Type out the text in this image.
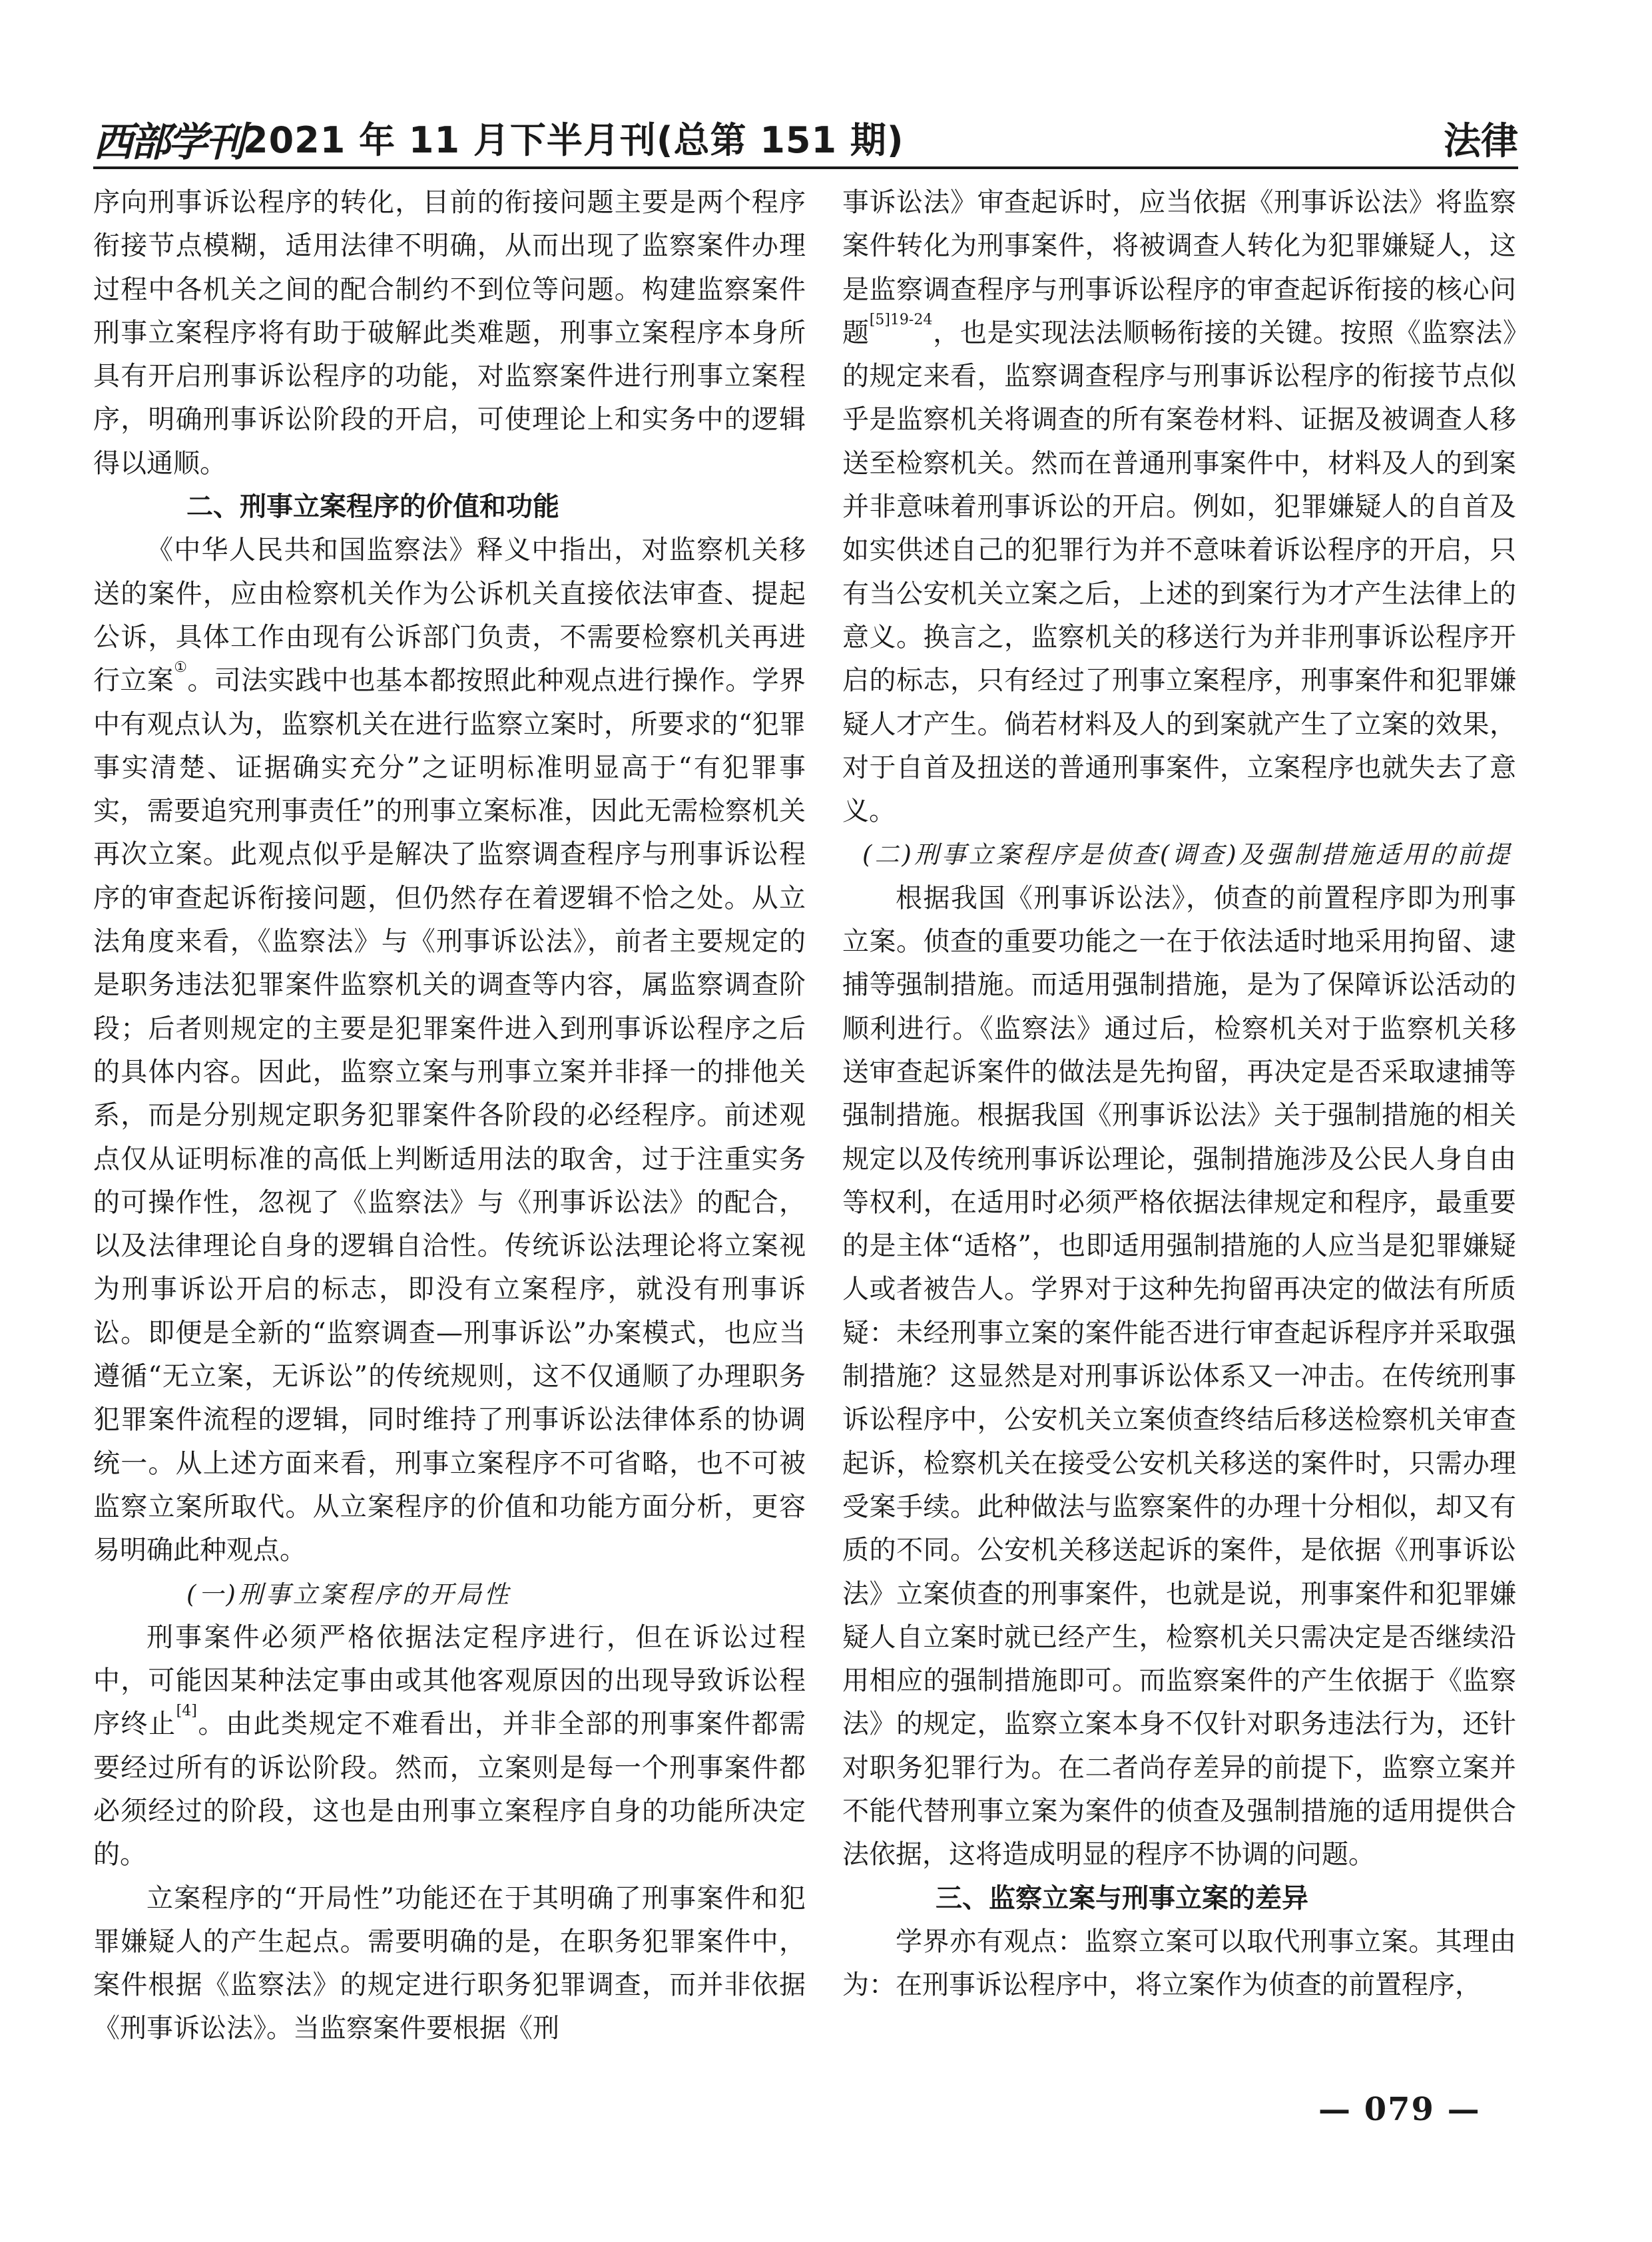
西部学刊 2021 年 11 月下半月刊(总第 151 期)	法律

序向刑事诉讼程序的转化，目前的衔接问题主要是两个程序衔接节点模糊，适用法律不明确，从而出现了监察案件办理过程中各机关之间的配合制约不到位等问题。构建监察案件刑事立案程序将有助于破解此类难题，刑事立案程序本身所具有开启刑事诉讼程序的功能，对监察案件进行刑事立案程序，明确刑事诉讼阶段的开启，可使理论上和实务中的逻辑得以通顺。

二、刑事立案程序的价值和功能

《中华人民共和国监察法》释义中指出，对监察机关移送的案件，应由检察机关作为公诉机关直接依法审查、提起公诉，具体工作由现有公诉部门负责，不需要检察机关再进行立案①。司法实践中也基本都按照此种观点进行操作。学界中有观点认为，监察机关在进行监察立案时，所要求的“犯罪事实清楚、证据确实充分”之证明标准明显高于“有犯罪事实，需要追究刑事责任”的刑事立案标准，因此无需检察机关再次立案。此观点似乎是解决了监察调查程序与刑事诉讼程序的审查起诉衔接问题，但仍然存在着逻辑不恰之处。从立法角度来看，《监察法》与《刑事诉讼法》，前者主要规定的是职务违法犯罪案件监察机关的调查等内容，属监察调查阶段；后者则规定的主要是犯罪案件进入到刑事诉讼程序之后的具体内容。因此，监察立案与刑事立案并非择一的排他关系，而是分别规定职务犯罪案件各阶段的必经程序。前述观点仅从证明标准的高低上判断适用法的取舍，过于注重实务的可操作性，忽视了《监察法》与《刑事诉讼法》的配合，以及法律理论自身的逻辑自洽性。传统诉讼法理论将立案视为刑事诉讼开启的标志，即没有立案程序，就没有刑事诉讼。即便是全新的“监察调查—刑事诉讼”办案模式，也应当遵循“无立案，无诉讼”的传统规则，这不仅通顺了办理职务犯罪案件流程的逻辑，同时维持了刑事诉讼法律体系的协调统一。从上述方面来看，刑事立案程序不可省略，也不可被监察立案所取代。从立案程序的价值和功能方面分析，更容易明确此种观点。

(一)刑事立案程序的开局性

刑事案件必须严格依据法定程序进行，但在诉讼过程中，可能因某种法定事由或其他客观原因的出现导致诉讼程序终止[4]。由此类规定不难看出，并非全部的刑事案件都需要经过所有的诉讼阶段。然而，立案则是每一个刑事案件都必须经过的阶段，这也是由刑事立案程序自身的功能所决定的。

立案程序的“开局性”功能还在于其明确了刑事案件和犯罪嫌疑人的产生起点。需要明确的是，在职务犯罪案件中，案件根据《监察法》的规定进行职务犯罪调查，而并非依据《刑事诉讼法》。当监察案件要根据《刑

事诉讼法》审查起诉时，应当依据《刑事诉讼法》将监察案件转化为刑事案件，将被调查人转化为犯罪嫌疑人，这是监察调查程序与刑事诉讼程序的审查起诉衔接的核心问题$^{[5]19-24}$，也是实现法法顺畅衔接的关键。按照《监察法》的规定来看，监察调查程序与刑事诉讼程序的衔接节点似乎是监察机关将调查的所有案卷材料、证据及被调查人移送至检察机关。然而在普通刑事案件中，材料及人的到案并非意味着刑事诉讼的开启。例如，犯罪嫌疑人的自首及如实供述自己的犯罪行为并不意味着诉讼程序的开启，只有当公安机关立案之后，上述的到案行为才产生法律上的意义。换言之，监察机关的移送行为并非刑事诉讼程序开启的标志，只有经过了刑事立案程序，刑事案件和犯罪嫌疑人才产生。倘若材料及人的到案就产生了立案的效果，对于自首及扭送的普通刑事案件，立案程序也就失去了意义。

(二)刑事立案程序是侦查(调查)及强制措施适用的前提

根据我国《刑事诉讼法》，侦查的前置程序即为刑事立案。侦查的重要功能之一在于依法适时地采用拘留、逮捕等强制措施。而适用强制措施，是为了保障诉讼活动的顺利进行。《监察法》通过后，检察机关对于监察机关移送审查起诉案件的做法是先拘留，再决定是否采取逮捕等强制措施。根据我国《刑事诉讼法》关于强制措施的相关规定以及传统刑事诉讼理论，强制措施涉及公民人身自由等权利，在适用时必须严格依据法律规定和程序，最重要的是主体“适格”，也即适用强制措施的人应当是犯罪嫌疑人或者被告人。学界对于这种先拘留再决定的做法有所质疑：未经刑事立案的案件能否进行审查起诉程序并采取强制措施？这显然是对刑事诉讼体系又一冲击。在传统刑事诉讼程序中，公安机关立案侦查终结后移送检察机关审查起诉，检察机关在接受公安机关移送的案件时，只需办理受案手续。此种做法与监察案件的办理十分相似，却又有质的不同。公安机关移送起诉的案件，是依据《刑事诉讼法》立案侦查的刑事案件，也就是说，刑事案件和犯罪嫌疑人自立案时就已经产生，检察机关只需决定是否继续沿用相应的强制措施即可。而监察案件的产生依据于《监察法》的规定，监察立案本身不仅针对职务违法行为，还针对职务犯罪行为。在二者尚存差异的前提下，监察立案并不能代替刑事立案为案件的侦查及强制措施的适用提供合法依据，这将造成明显的程序不协调的问题。

三、监察立案与刑事立案的差异

学界亦有观点：监察立案可以取代刑事立案。其理由为：在刑事诉讼程序中，将立案作为侦查的前置程序，

— 079 —
